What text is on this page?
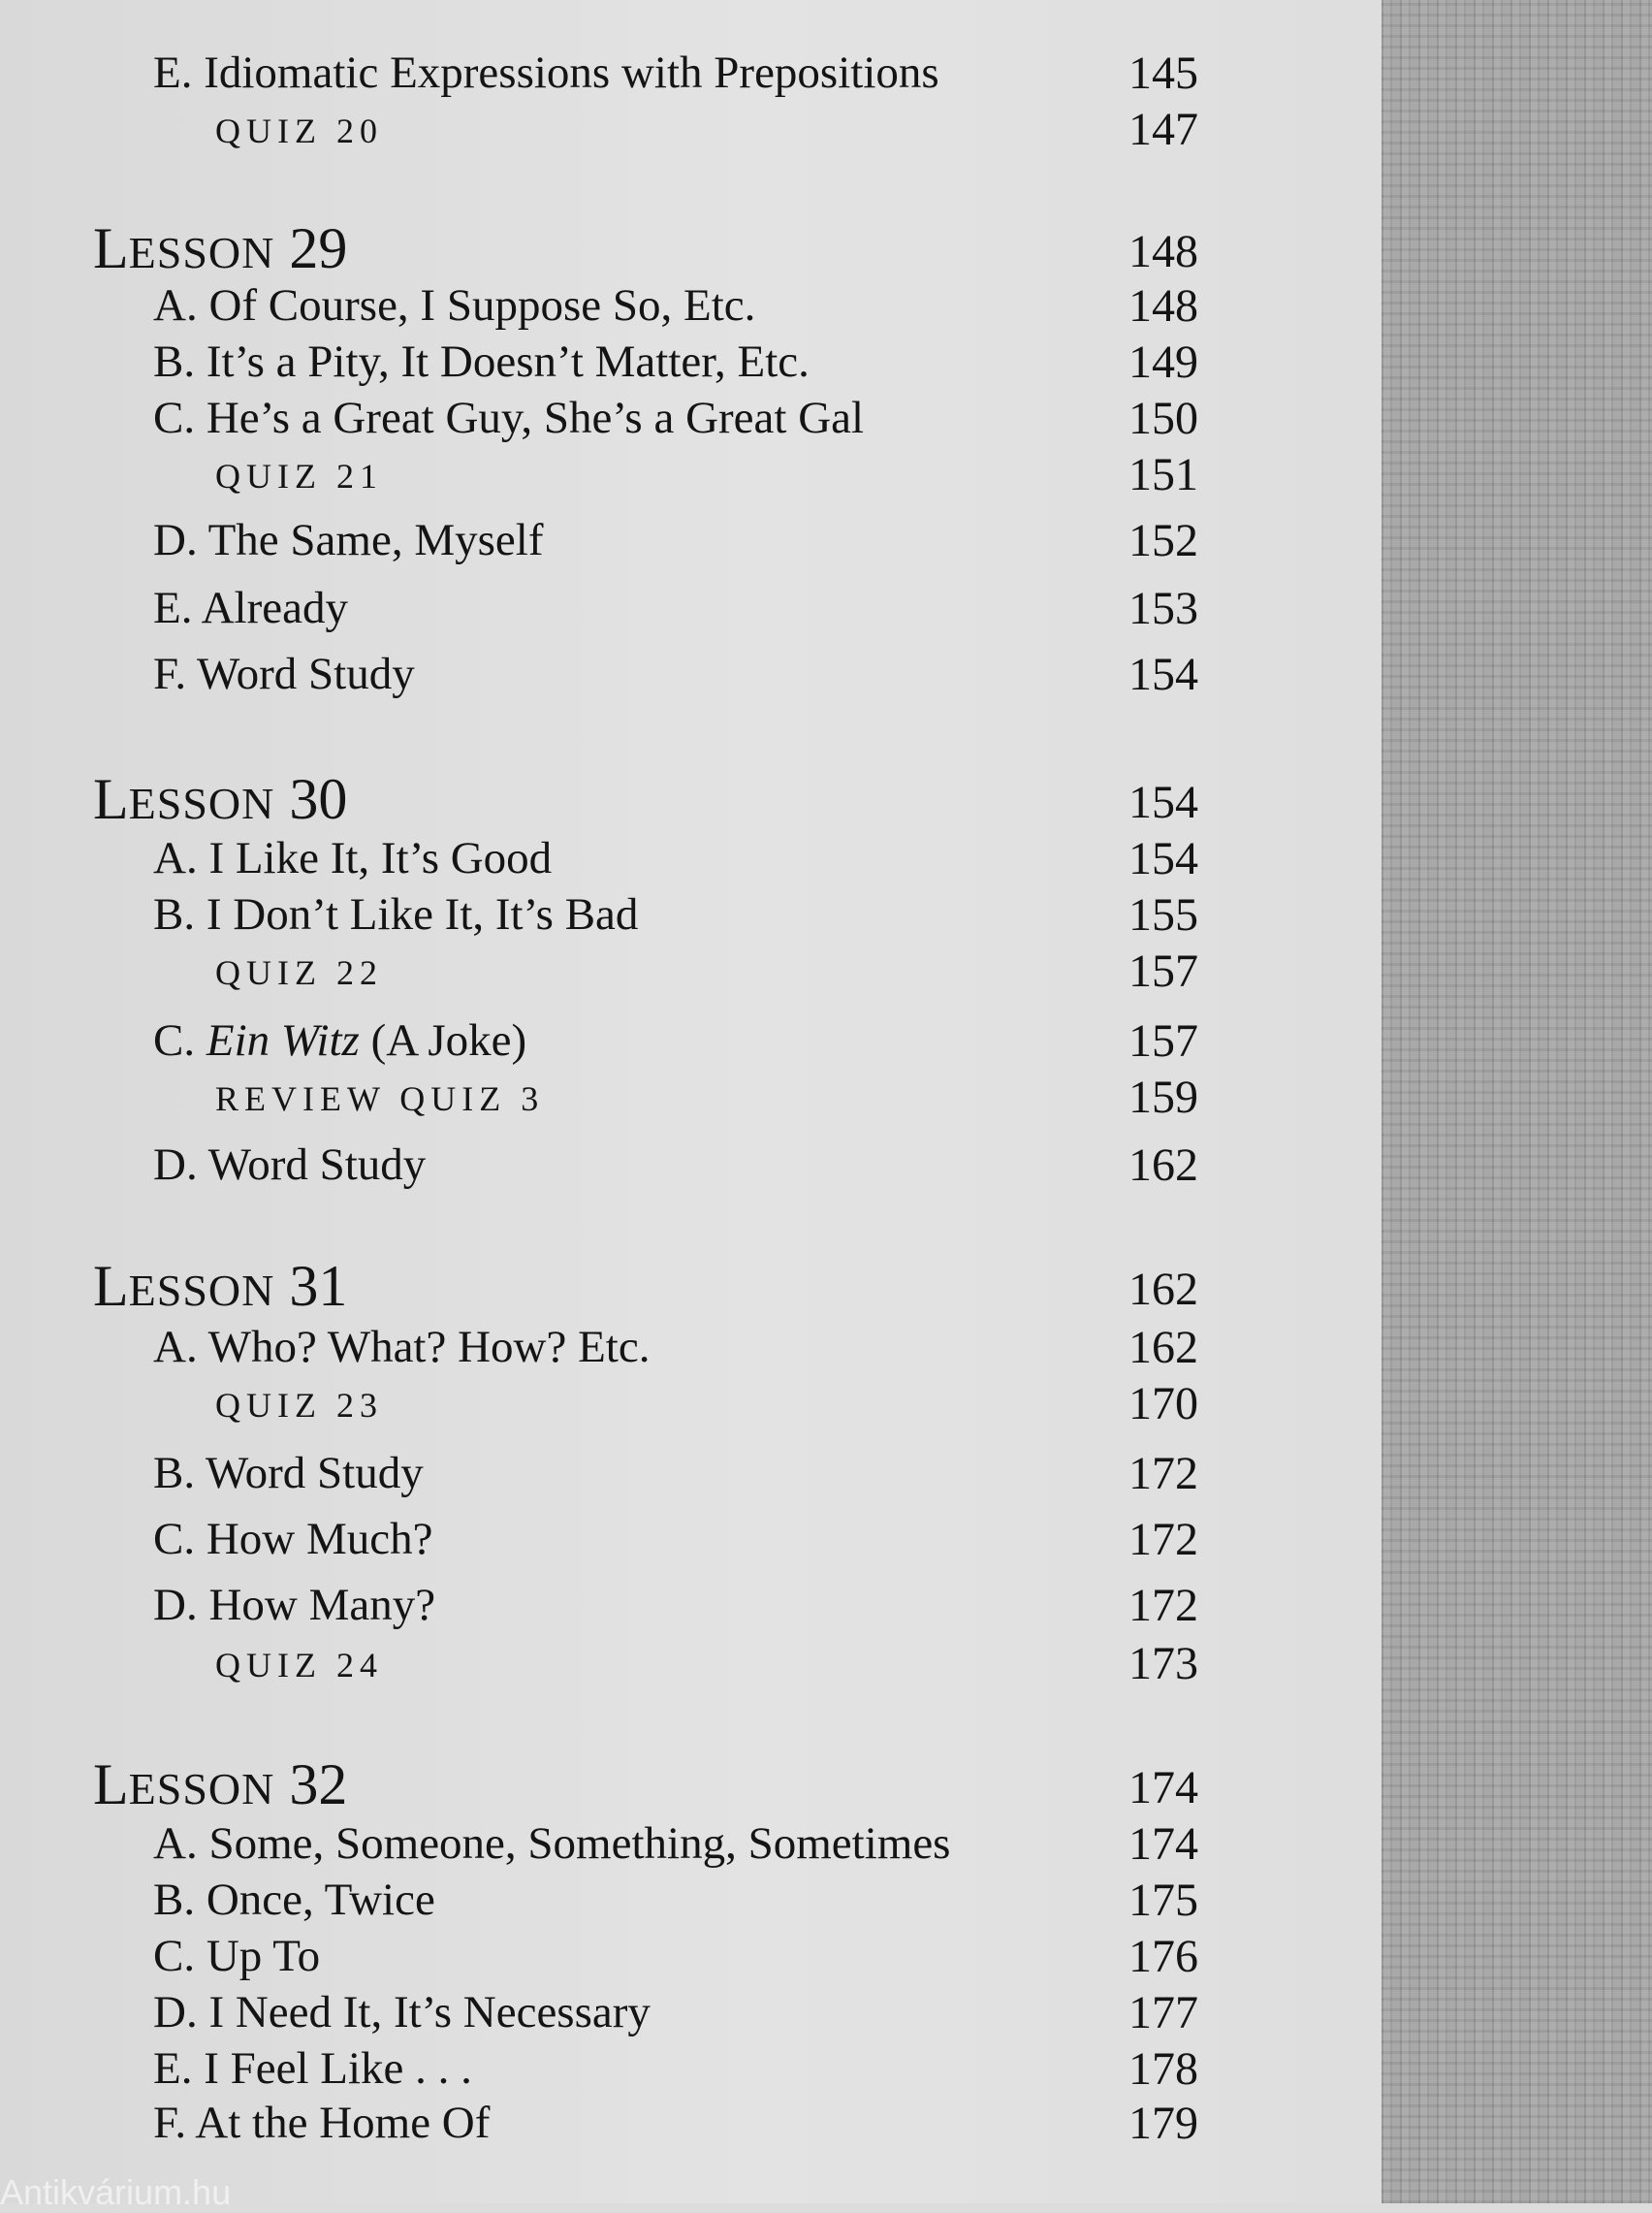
E. Idiomatic Expressions with Prepositions	145
QUIZ 20	147
LESSON 29	148
A. Of Course, I Suppose So, Etc.	148
B. It’s a Pity, It Doesn’t Matter, Etc.	149
C. He’s a Great Guy, She’s a Great Gal	150
QUIZ 21	151
D. The Same, Myself	152
E. Already	153
F. Word Study	154
LESSON 30	154
A. I Like It, It’s Good	154
B. I Don’t Like It, It’s Bad	155
QUIZ 22	157
C. Ein Witz (A Joke)	157
REVIEW QUIZ 3	159
D. Word Study	162
LESSON 31	162
A. Who? What? How? Etc.	162
QUIZ 23	170
B. Word Study	172
C. How Much?	172
D. How Many?	172
QUIZ 24	173
LESSON 32	174
A. Some, Someone, Something, Sometimes	174
B. Once, Twice	175
C. Up To	176
D. I Need It, It’s Necessary	177
E. I Feel Like . . .	178
F. At the Home Of	179
Antikvárium.hu
